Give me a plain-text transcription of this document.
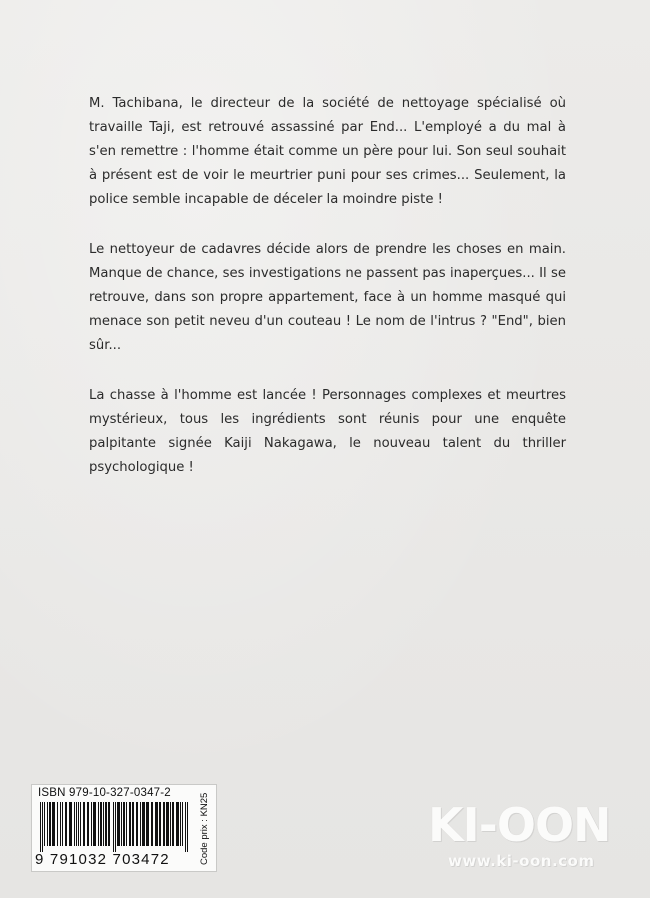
M. Tachibana, le directeur de la société de nettoyage spécialisé où travaille Taji, est retrouvé assassiné par End... L'employé a du mal à s'en remettre : l'homme était comme un père pour lui. Son seul souhait à présent est de voir le meurtrier puni pour ses crimes... Seulement, la police semble incapable de déceler la moindre piste !

Le nettoyeur de cadavres décide alors de prendre les choses en main. Manque de chance, ses investigations ne passent pas inaperçues... Il se retrouve, dans son propre appartement, face à un homme masqué qui menace son petit neveu d'un couteau ! Le nom de l'intrus ? "End", bien sûr...

La chasse à l'homme est lancée ! Personnages complexes et meurtres mystérieux, tous les ingrédients sont réunis pour une enquête palpitante signée Kaiji Nakagawa, le nouveau talent du thriller psychologique !

ISBN 979-10-327-0347-2
9 791032 703472	Code prix : KN25	KI-OON
www.ki-oon.com
